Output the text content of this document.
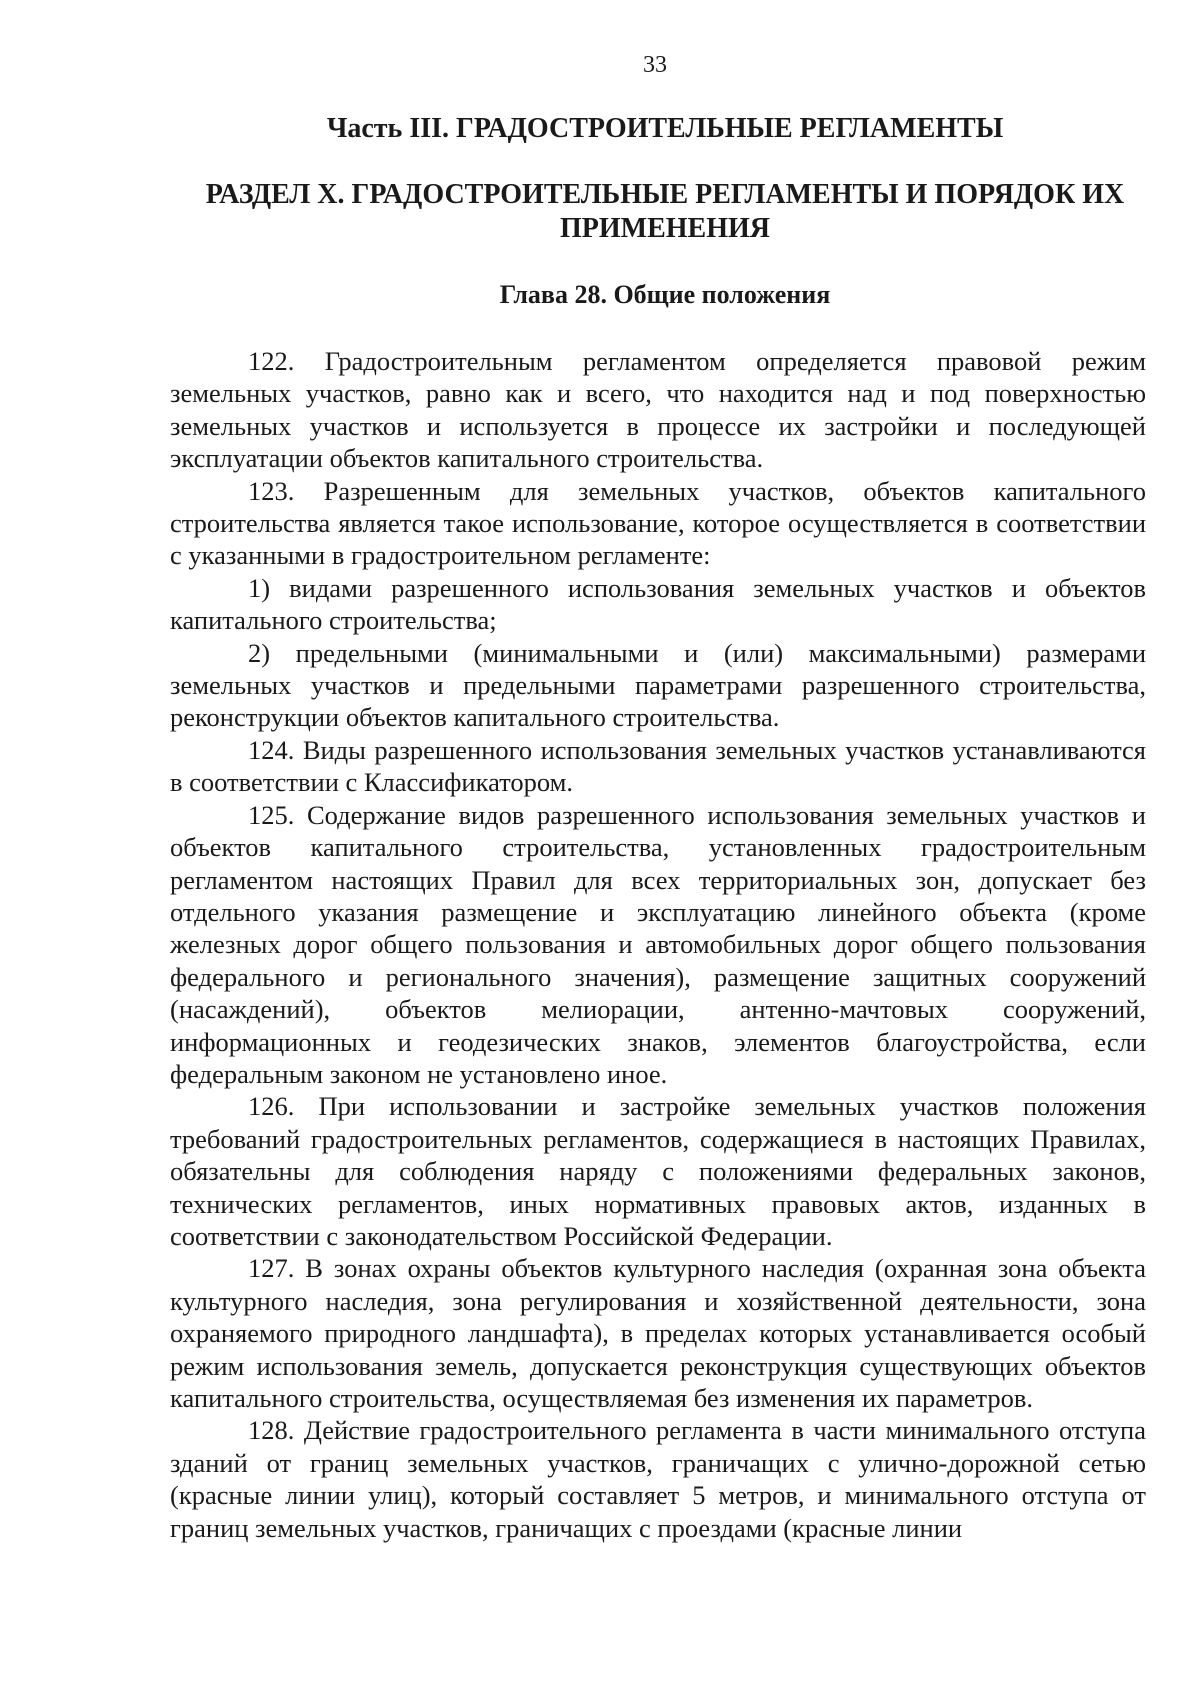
33
Часть III. ГРАДОСТРОИТЕЛЬНЫЕ РЕГЛАМЕНТЫ
РАЗДЕЛ X. ГРАДОСТРОИТЕЛЬНЫЕ РЕГЛАМЕНТЫ И ПОРЯДОК ИХ ПРИМЕНЕНИЯ
Глава 28. Общие положения

122. Градостроительным регламентом определяется правовой режим земельных участков, равно как и всего, что находится над и под поверхностью земельных участков и используется в процессе их застройки и последующей эксплуатации объектов капитального строительства.

123. Разрешенным для земельных участков, объектов капитального строительства является такое использование, которое осуществляется в соответствии с указанными в градостроительном регламенте:

1) видами разрешенного использования земельных участков и объектов капитального строительства;

2) предельными (минимальными и (или) максимальными) размерами земельных участков и предельными параметрами разрешенного строительства, реконструкции объектов капитального строительства.

124. Виды разрешенного использования земельных участков устанавливаются в соответствии с Классификатором.

125. Содержание видов разрешенного использования земельных участков и объектов капитального строительства, установленных градостроительным регламентом настоящих Правил для всех территориальных зон, допускает без отдельного указания размещение и эксплуатацию линейного объекта (кроме железных дорог общего пользования и автомобильных дорог общего пользования федерального и регионального значения), размещение защитных сооружений (насаждений), объектов мелиорации, антенно-мачтовых сооружений, информационных и геодезических знаков, элементов благоустройства, если федеральным законом не установлено иное.

126. При использовании и застройке земельных участков положения требований градостроительных регламентов, содержащиеся в настоящих Правилах, обязательны для соблюдения наряду с положениями федеральных законов, технических регламентов, иных нормативных правовых актов, изданных в соответствии с законодательством Российской Федерации.

127. В зонах охраны объектов культурного наследия (охранная зона объекта культурного наследия, зона регулирования и хозяйственной деятельности, зона охраняемого природного ландшафта), в пределах которых устанавливается особый режим использования земель, допускается реконструкция существующих объектов капитального строительства, осуществляемая без изменения их параметров.

128. Действие градостроительного регламента в части минимального отступа зданий от границ земельных участков, граничащих с улично-дорожной сетью (красные линии улиц), который составляет 5 метров, и минимального отступа от границ земельных участков, граничащих с проездами (красные линии
